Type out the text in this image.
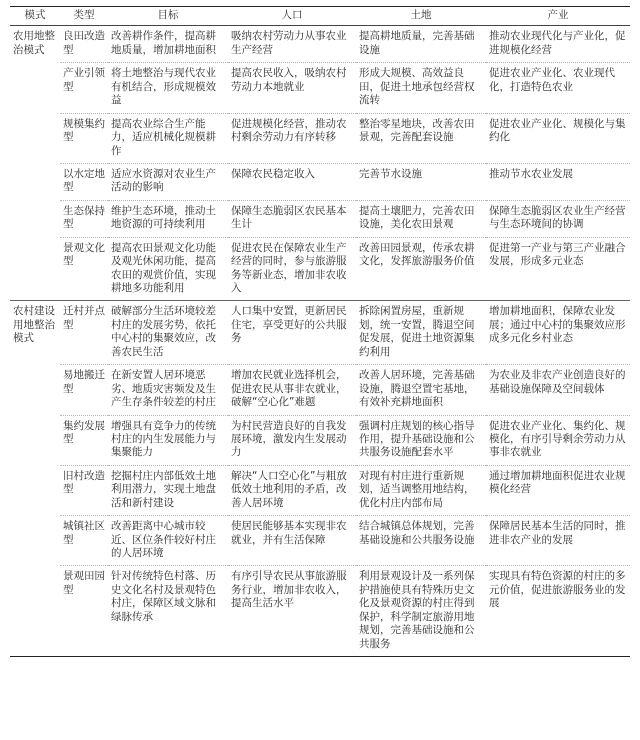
模式	类型	目标	人口	土地	产业

农用地整治模式	良田改造型	改善耕作条件，提高耕地质量，增加耕地面积	吸纳农村劳动力从事农业生产经营	提高耕地质量，完善基础设施	推动农业现代化与产业化，促进规模化经营

	产业引领型	将土地整治与现代农业有机结合，形成规模效益	提高农民收入，吸纳农村劳动力本地就业	形成大规模、高效益良田，促进土地承包经营权流转	促进农业产业化、农业现代化，打造特色农业

	规模集约型	提高农业综合生产能力，适应机械化规模耕作	促进规模化经营，推动农村剩余劳动力有序转移	整治零星地块，改善农田景观，完善配套设施	促进农业产业化、规模化与集约化

	以水定地型	适应水资源对农业生产活动的影响	保障农民稳定收入	完善节水设施	推动节水农业发展

	生态保持型	维护生态环境，推动土地资源的可持续利用	保障生态脆弱区农民基本生计	提高土壤肥力，完善农田设施，美化农田景观	保障生态脆弱区农业生产经营与生态环境间的协调

	景观文化型	提高农田景观文化功能及观光休闲功能，提高农田的观赏价值，实现耕地多功能利用	促进农民在保障农业生产经营的同时，参与旅游服务等新业态，增加非农收入	改善田园景观，传承农耕文化，发挥旅游服务价值	促进第一产业与第三产业融合发展，形成多元业态

农村建设用地整治模式	迁村并点型	破解部分生活环境较差村庄的发展劣势，依托中心村的集聚效应，改善农民生活	人口集中安置，更新居民住宅，享受更好的公共服务	拆除闲置房屋，重新规划，统一安置，腾退空间促发展，促进土地资源集约利用	增加耕地面积，保障农业发展；通过中心村的集聚效应形成多元化乡村业态

	易地搬迁型	在新安置人居环境恶劣、地质灾害频发及生产生存条件较差的村庄	增加农民就业选择机会，促进农民从事非农就业，破解“空心化”难题	改善人居环境，完善基础设施，腾退空置宅基地，有效补充耕地面积	为农业及非农产业创造良好的基础设施保障及空间载体

	集约发展型	增强具有竞争力的传统村庄的内生发展能力与集聚能力	为村民营造良好的自我发展环境，激发内生发展动力	强调村庄规划的核心指导作用，提升基础设施和公共服务设施配套水平	促进农业产业化、集约化、规模化，有序引导剩余劳动力从事非农就业

	旧村改造型	挖掘村庄内部低效土地利用潜力，实现土地盘活和新村建设	解决“人口空心化”与粗放低效土地利用的矛盾，改善人居环境	对现有村庄进行重新规划，适当调整用地结构，优化村庄内部布局	通过增加耕地面积促进农业规模化经营

	城镇社区型	改善距离中心城市较近、区位条件较好村庄的人居环境	使居民能够基本实现非农就业，并有生活保障	结合城镇总体规划，完善基础设施和公共服务设施	保障居民基本生活的同时，推进非农产业的发展

	景观田园型	针对传统特色村落、历史文化名村及景观特色村庄，保障区域文脉和绿脉传承	有序引导农民从事旅游服务行业，增加非农收入，提高生活水平	利用景观设计及一系列保护措施使具有特殊历史文化及景观资源的村庄得到保护，科学制定旅游用地规划，完善基础设施和公共服务	实现具有特色资源的村庄的多元价值，促进旅游服务业的发展
